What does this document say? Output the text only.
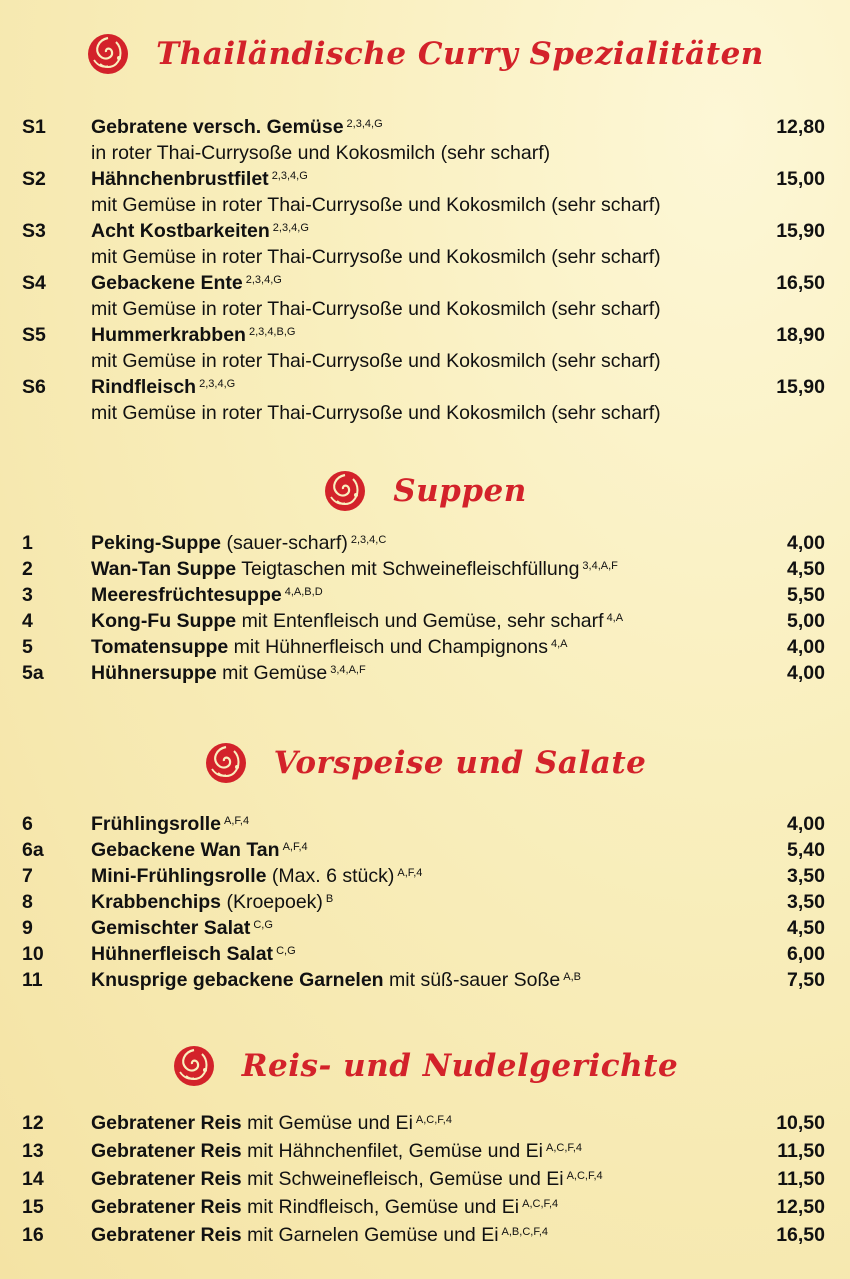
Thailändische Curry Spezialitäten
S1 Gebratene versch. Gemüse $^{2,3,4,G}$	12,80
in roter Thai-Currysoße und Kokosmilch (sehr scharf)
S2 Hähnchenbrustfilet $^{2,3,4,G}$	15,00
mit Gemüse in roter Thai-Currysoße und Kokosmilch (sehr scharf)
S3 Acht Kostbarkeiten $^{2,3,4,G}$	15,90
mit Gemüse in roter Thai-Currysoße und Kokosmilch (sehr scharf)
S4 Gebackene Ente $^{2,3,4,G}$	16,50
mit Gemüse in roter Thai-Currysoße und Kokosmilch (sehr scharf)
S5 Hummerkrabben $^{2,3,4,B,G}$	18,90
mit Gemüse in roter Thai-Currysoße und Kokosmilch (sehr scharf)
S6 Rindfleisch $^{2,3,4,G}$	15,90
mit Gemüse in roter Thai-Currysoße und Kokosmilch (sehr scharf)
Suppen
1	Peking-Suppe (sauer-scharf) $^{2,3,4,C}$	4,00
2	Wan-Tan Suppe Teigtaschen mit Schweinefleischfüllung $^{3,4,A,F}$	4,50
3	Meeresfrüchtesuppe $^{4,A,B,D}$	5,50
4	Kong-Fu Suppe mit Entenfleisch und Gemüse, sehr scharf $^{4,A}$	5,00
5	Tomatensuppe mit Hühnerfleisch und Champignons $^{4,A}$	4,00
5a Hühnersuppe mit Gemüse $^{3,4,A,F}$	4,00
Vorspeise und Salate
6	Frühlingsrolle $^{A,F,4}$	4,00
6a Gebackene Wan Tan $^{A,F,4}$	5,40
7	Mini-Frühlingsrolle (Max. 6 stück) $^{A,F,4}$	3,50
8	Krabbenchips (Kroepoek) $^B$	3,50
9	Gemischter Salat $^{C,G}$	4,50
10 Hühnerfleisch Salat $^{C,G}$	6,00
11 Knusprige gebackene Garnelen mit süß-sauer Soße $^{A,B}$	7,50
Reis- und Nudelgerichte
12 Gebratener Reis mit Gemüse und Ei $^{A,C,F,4}$	10,50
13 Gebratener Reis mit Hähnchenfilet, Gemüse und Ei $^{A,C,F,4}$	11,50
14 Gebratener Reis mit Schweinefleisch, Gemüse und Ei $^{A,C,F,4}$	11,50
15 Gebratener Reis mit Rindfleisch, Gemüse und Ei $^{A,C,F,4}$	12,50
16 Gebratener Reis mit Garnelen Gemüse und Ei $^{A,B,C,F,4}$	16,50
